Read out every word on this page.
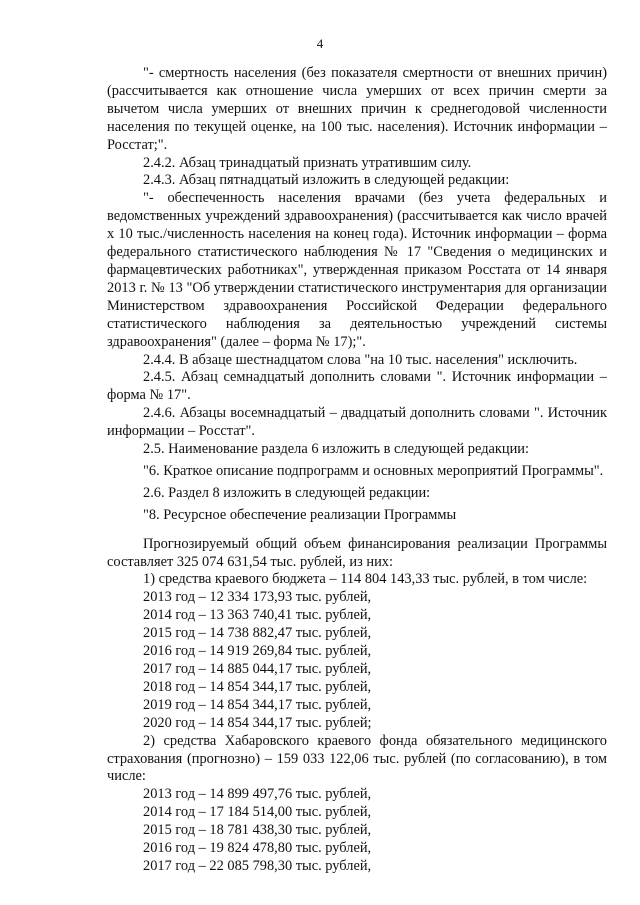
4

"- смертность населения (без показателя смертности от внешних причин) (рассчитывается как отношение числа умерших от всех причин смерти за вычетом числа умерших от внешних причин к среднегодовой численности населения по текущей оценке, на 100 тыс. населения). Источник информации – Росстат;".

2.4.2. Абзац тринадцатый признать утратившим силу.

2.4.3. Абзац пятнадцатый изложить в следующей редакции:

"- обеспеченность населения врачами (без учета федеральных и ведомственных учреждений здравоохранения) (рассчитывается как число врачей х 10 тыс./численность населения на конец года). Источник информации – форма федерального статистического наблюдения № 17 "Сведения о медицинских и фармацевтических работниках", утвержденная приказом Росстата от 14 января 2013 г. № 13 "Об утверждении статистического инструментария для организации Министерством здравоохранения Российской Федерации федерального статистического наблюдения за деятельностью учреждений системы здравоохранения" (далее – форма № 17);".

2.4.4. В абзаце шестнадцатом слова "на 10 тыс. населения" исключить.

2.4.5. Абзац семнадцатый дополнить словами ". Источник информации – форма № 17".

2.4.6. Абзацы восемнадцатый – двадцатый дополнить словами ". Источник информации – Росстат".

2.5. Наименование раздела 6 изложить в следующей редакции:

"6. Краткое описание подпрограмм и основных мероприятий Программы".

2.6. Раздел 8 изложить в следующей редакции:

"8. Ресурсное обеспечение реализации Программы

Прогнозируемый общий объем финансирования реализации Программы составляет 325 074 631,54 тыс. рублей, из них:

1) средства краевого бюджета – 114 804 143,33 тыс. рублей, в том числе:

2013 год – 12 334 173,93 тыс. рублей,

2014 год – 13 363 740,41 тыс. рублей,

2015 год – 14 738 882,47 тыс. рублей,

2016 год – 14 919 269,84 тыс. рублей,

2017 год – 14 885 044,17 тыс. рублей,

2018 год – 14 854 344,17 тыс. рублей,

2019 год – 14 854 344,17 тыс. рублей,

2020 год – 14 854 344,17 тыс. рублей;

2) средства Хабаровского краевого фонда обязательного медицинского страхования (прогнозно) – 159 033 122,06 тыс. рублей (по согласованию), в том числе:

2013 год – 14 899 497,76 тыс. рублей,

2014 год – 17 184 514,00 тыс. рублей,

2015 год – 18 781 438,30 тыс. рублей,

2016 год – 19 824 478,80 тыс. рублей,

2017 год – 22 085 798,30 тыс. рублей,
